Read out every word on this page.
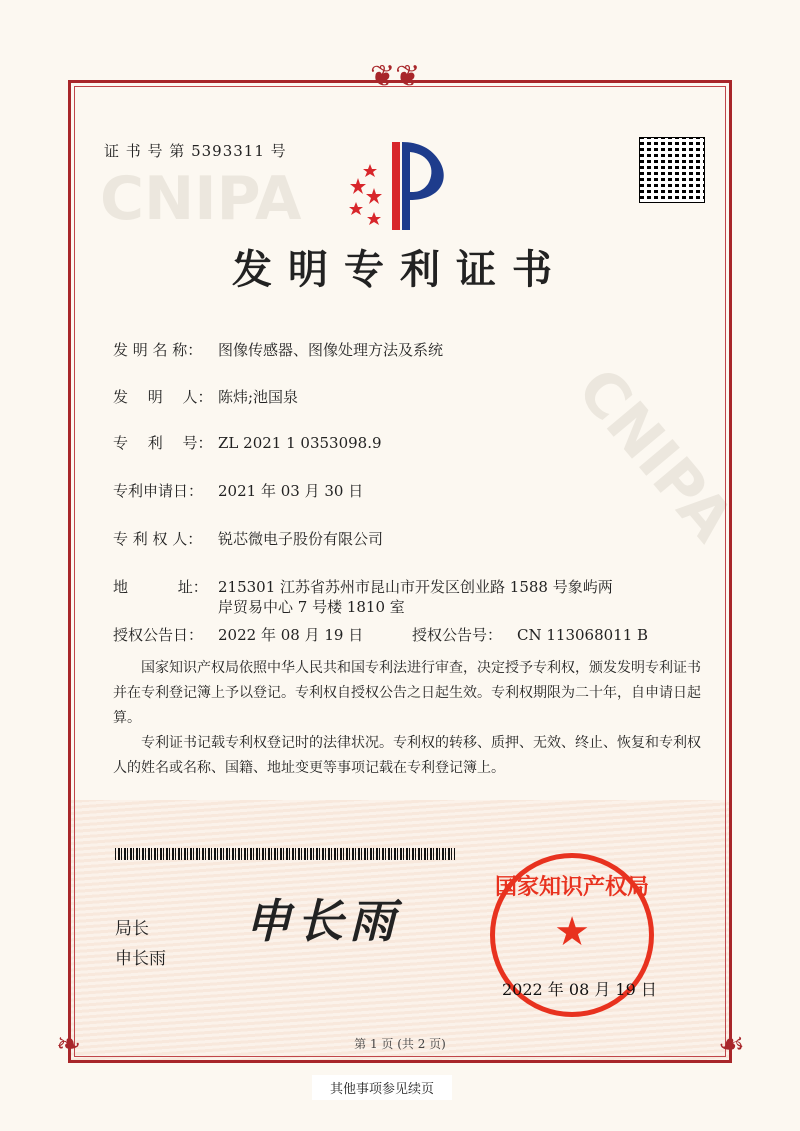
CNIPA
CNIPA
❦❦
❧	☙
证 书 号 第 5393311 号
发明专利证书
发 明 名 称： 图像传感器、图像处理方法及系统
发　 明　 人： 陈炜;池国泉
专　 利　 号： ZL 2021 1 0353098.9
专利申请日： 2021 年 03 月 30 日
专 利 权 人： 锐芯微电子股份有限公司
地　　　 址： 215301 江苏省苏州市昆山市开发区创业路 1588 号象屿两
岸贸易中心 7 号楼 1810 室
授权公告日： 2022 年 08 月 19 日	授权公告号： CN 113068011 B
国家知识产权局依照中华人民共和国专利法进行审查，决定授予专利权，颁发发明专利证书并在专利登记簿上予以登记。专利权自授权公告之日起生效。专利权期限为二十年，自申请日起算。
专利证书记载专利权登记时的法律状况。专利权的转移、质押、无效、终止、恢复和专利权人的姓名或名称、国籍、地址变更等事项记载在专利登记簿上。
局长
申长雨
申长雨
国家知识产权局
★
2022 年 08 月 19 日
第 1 页 (共 2 页)
其他事项参见续页
